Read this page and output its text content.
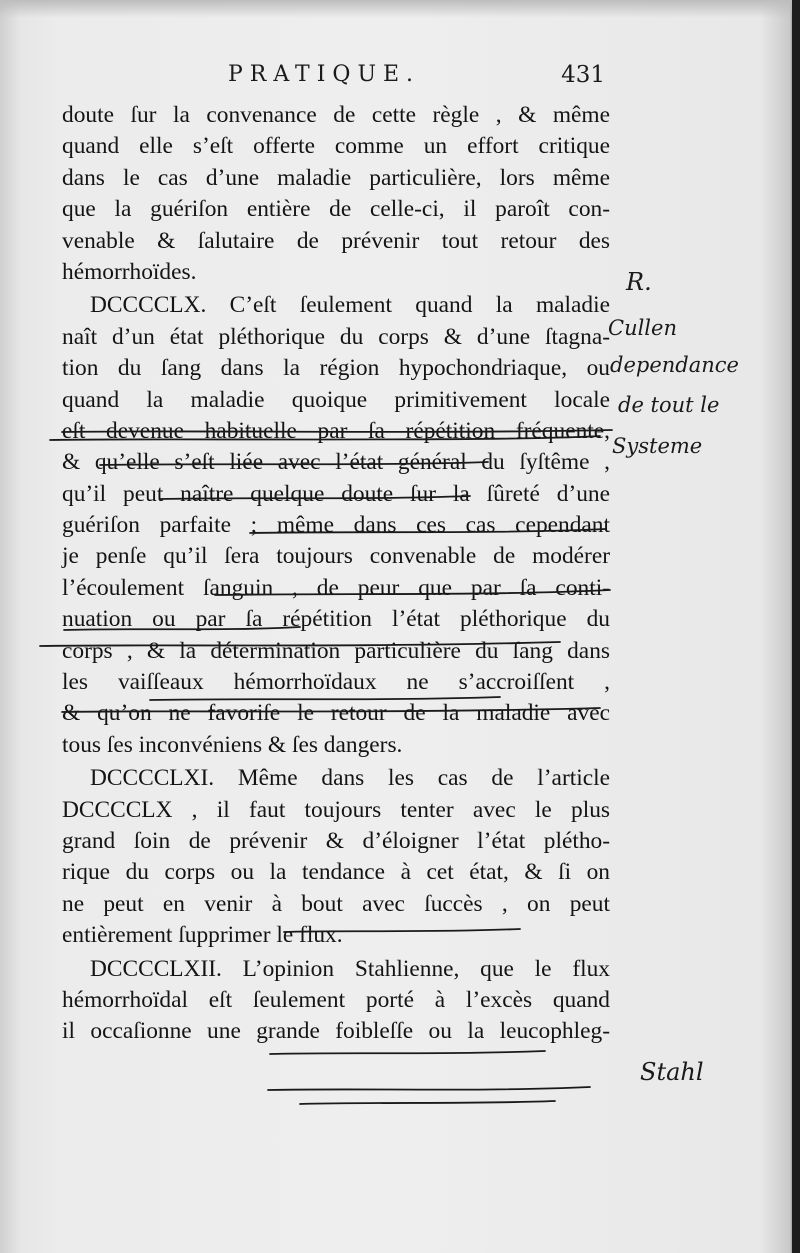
PRATIQUE.	431
doute ſur la convenance de cette règle , & même
quand elle s’eſt offerte comme un effort critique
dans le cas d’une maladie particulière, lors même
que la guériſon entière de celle-ci, il paroît con-
venable & ſalutaire de prévenir tout retour des
hémorrhoïdes.
DCCCCLX. C’eſt ſeulement quand la maladie
naît d’un état pléthorique du corps & d’une ſtagna-
tion du ſang dans la région hypochondriaque, ou
quand la maladie quoique primitivement locale
eſt devenue habituelle par ſa répétition fréquente,
& qu’elle s’eſt liée avec l’état général du ſyſtême ,
qu’il peut naître quelque doute ſur la ſûreté d’une
guériſon parfaite ; même dans ces cas cependant
je penſe qu’il ſera toujours convenable de modérer
l’écoulement ſanguin , de peur que par ſa conti-
nuation ou par ſa répétition l’état pléthorique du
corps , & la détermination particulière du ſang dans
les vaiſſeaux hémorrhoïdaux ne s’accroiſſent ,
& qu’on ne favoriſe le retour de la maladie avec
tous ſes inconvéniens & ſes dangers.
DCCCCLXI. Même dans les cas de l’article
DCCCCLX , il faut toujours tenter avec le plus
grand ſoin de prévenir & d’éloigner l’état plétho-
rique du corps ou la tendance à cet état, & ſi on
ne peut en venir à bout avec ſuccès , on peut
entièrement ſupprimer le flux.
DCCCCLXII. L’opinion Stahlienne, que le flux
hémorrhoïdal eſt ſeulement porté à l’excès quand
il occaſionne une grande foibleſſe ou la leucophleg-
R.
Cullen
dependance
de tout le
Systeme
Stahl
